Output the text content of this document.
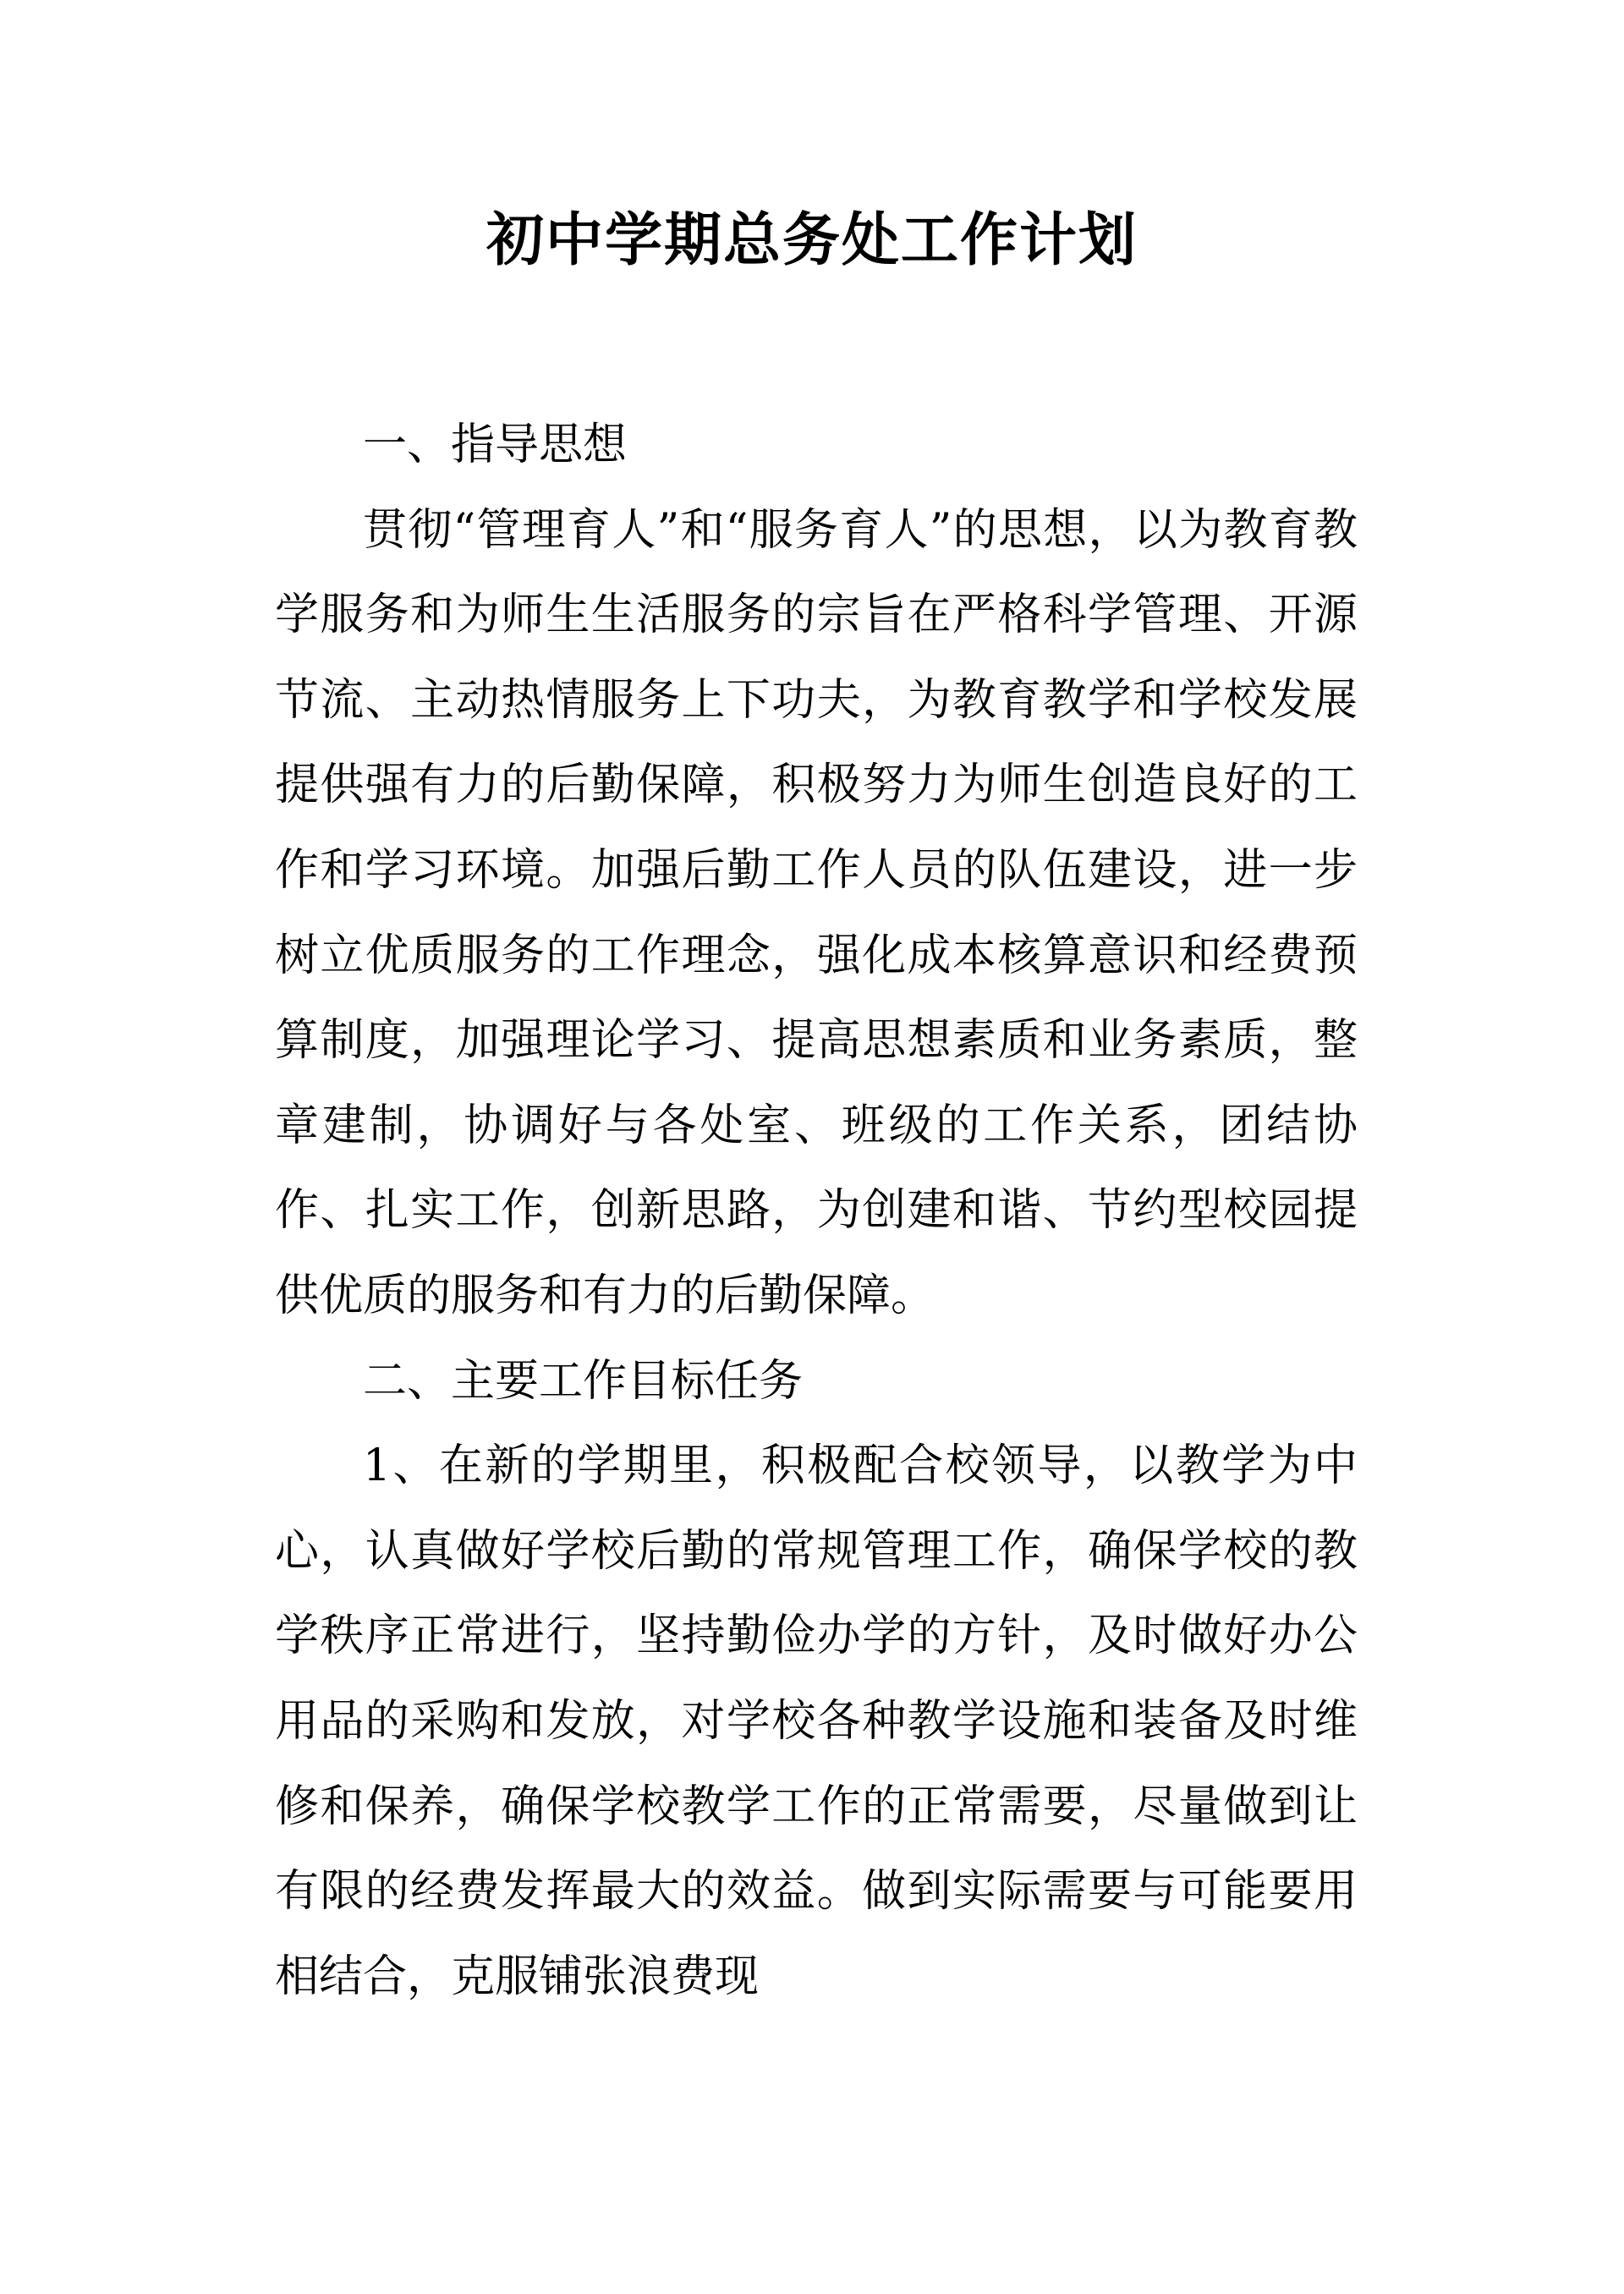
初中学期总务处工作计划

一、指导思想

贯彻“管理育人”和“服务育人”的思想，以为教育教学服务和为师生生活服务的宗旨在严格科学管理、开源节流、主动热情服务上下功夫，为教育教学和学校发展提供强有力的后勤保障，积极努力为师生创造良好的工作和学习环境。加强后勤工作人员的队伍建设，进一步树立优质服务的工作理念，强化成本核算意识和经费预算制度，加强理论学习、提高思想素质和业务素质，整章建制，协调好与各处室、班级的工作关系，团结协作、扎实工作，创新思路，为创建和谐、节约型校园提供优质的服务和有力的后勤保障。

二、主要工作目标任务

1、在新的学期里，积极配合校领导，以教学为中心，认真做好学校后勤的常规管理工作，确保学校的教学秩序正常进行，坚持勤俭办学的方针，及时做好办公用品的采购和发放，对学校各种教学设施和装备及时维修和保养，确保学校教学工作的正常需要，尽量做到让有限的经费发挥最大的效益。做到实际需要与可能要用相结合，克服铺张浪费现
